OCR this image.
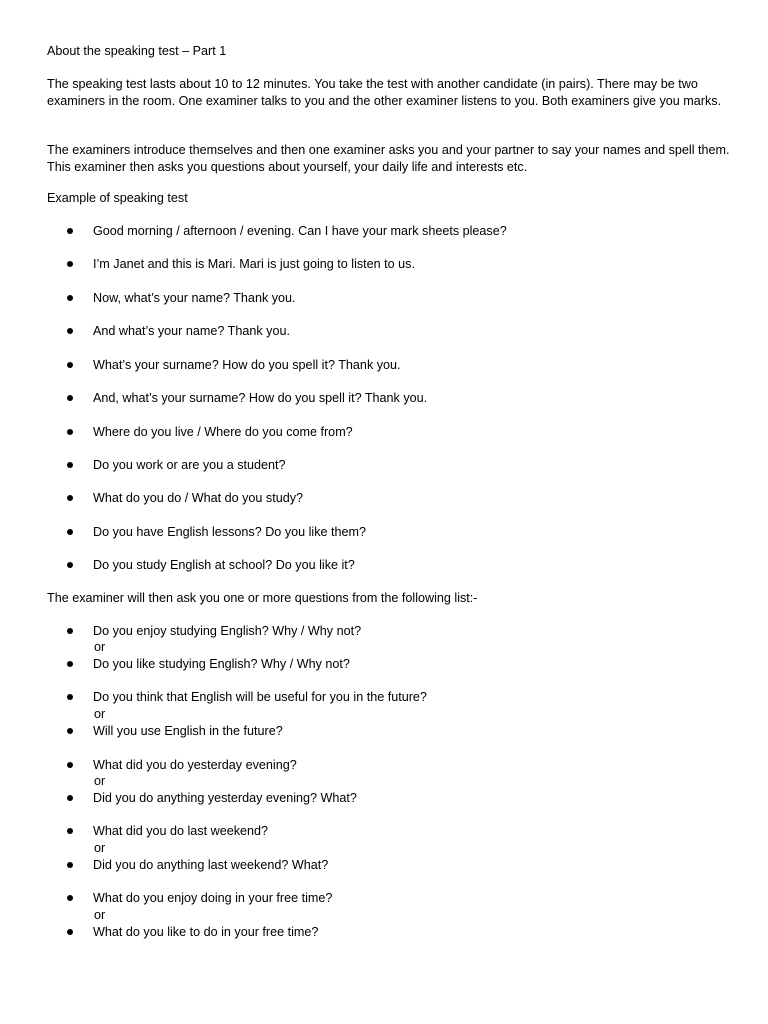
About the speaking test – Part 1

The speaking test lasts about 10 to 12 minutes. You take the test with another candidate (in pairs). There may be two examiners in the room. One examiner talks to you and the other examiner listens to you. Both examiners give you marks.

The examiners introduce themselves and then one examiner asks you and your partner to say your names and spell them. This examiner then asks you questions about yourself, your daily life and interests etc.

Example of speaking test

Good morning / afternoon / evening. Can I have your mark sheets please?
I’m Janet and this is Mari. Mari is just going to listen to us.
Now, what’s your name? Thank you.
And what’s your name? Thank you.
What’s your surname? How do you spell it? Thank you.
And, what’s your surname? How do you spell it? Thank you.
Where do you live / Where do you come from?
Do you work or are you a student?
What do you do / What do you study?
Do you have English lessons? Do you like them?
Do you study English at school? Do you like it?

The examiner will then ask you one or more questions from the following list:-

Do you enjoy studying English? Why / Why not?
or
Do you like studying English? Why / Why not?
Do you think that English will be useful for you in the future?
or
Will you use English in the future?
What did you do yesterday evening?
or
Did you do anything yesterday evening? What?
What did you do last weekend?
or
Did you do anything last weekend? What?
What do you enjoy doing in your free time?
or
What do you like to do in your free time?
